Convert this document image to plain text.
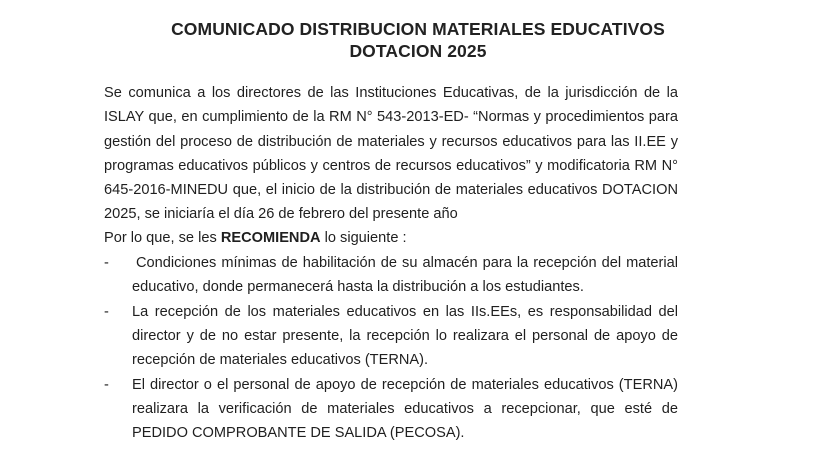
COMUNICADO DISTRIBUCION MATERIALES EDUCATIVOS
DOTACION 2025
Se comunica a los directores de las Instituciones Educativas, de la jurisdicción de la
ISLAY que, en cumplimiento de la RM N° 543-2013-ED- “Normas y procedimientos para
gestión del proceso de distribución de materiales y recursos educativos para las II.EE y
programas educativos públicos y centros de recursos educativos” y modificatoria RM N°
645-2016-MINEDU que, el inicio de la distribución de materiales educativos DOTACION
2025, se iniciaría el día 26 de febrero del presente año
Por lo que, se les RECOMIENDA lo siguiente :
- Condiciones mínimas de habilitación de su almacén para la recepción del material
educativo, donde permanecerá hasta la distribución a los estudiantes.
- La recepción de los materiales educativos en las IIs.EEs, es responsabilidad del
director y de no estar presente, la recepción lo realizara el personal de apoyo de
recepción de materiales educativos (TERNA).
- El director o el personal de apoyo de recepción de materiales educativos (TERNA)
realizara la verificación de materiales educativos a recepcionar, que esté de
PEDIDO COMPROBANTE DE SALIDA (PECOSA).
